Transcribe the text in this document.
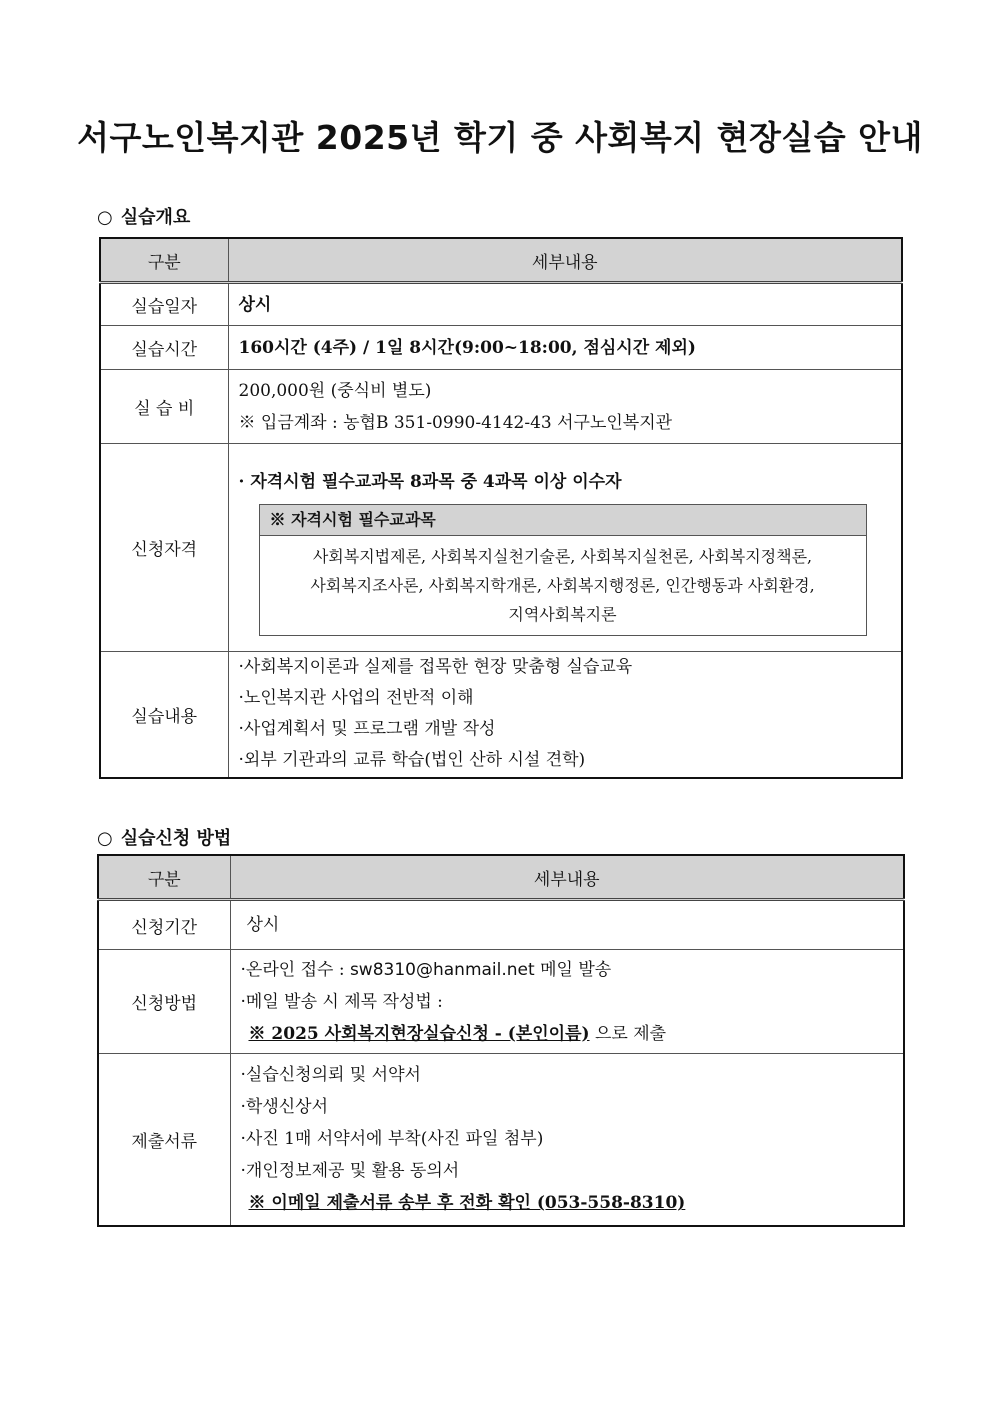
서구노인복지관 2025년 학기 중 사회복지 현장실습 안내
○ 실습개요
구분	세부내용
실습일자	상시
실습시간	160시간 (4주) / 1일 8시간(9:00~18:00, 점심시간 제외)
실 습 비	200,000원 (중식비 별도)
※ 입금계좌 : 농협B 351-0990-4142-43 서구노인복지관

신청자격	· 자격시험 필수교과목 8과목 중 4과목 이상 이수자
※ 자격시험 필수교과목
사회복지법제론, 사회복지실천기술론, 사회복지실천론, 사회복지정책론,
사회복지조사론, 사회복지학개론, 사회복지행정론, 인간행동과 사회환경,
지역사회복지론

실습내용	·사회복지이론과 실제를 접목한 현장 맞춤형 실습교육
·노인복지관 사업의 전반적 이해
·사업계획서 및 프로그램 개발 작성
·외부 기관과의 교류 학습(법인 산하 시설 견학)
○ 실습신청 방법
구분	세부내용
신청기간	상시
신청방법	·온라인 접수 : sw8310@hanmail.net 메일 발송
·메일 발송 시 제목 작성법 :
※ 2025 사회복지현장실습신청 - (본인이름) 으로 제출

제출서류	·실습신청의뢰 및 서약서
·학생신상서
·사진 1매 서약서에 부착(사진 파일 첨부)
·개인정보제공 및 활용 동의서
※ 이메일 제출서류 송부 후 전화 확인 (053-558-8310)
